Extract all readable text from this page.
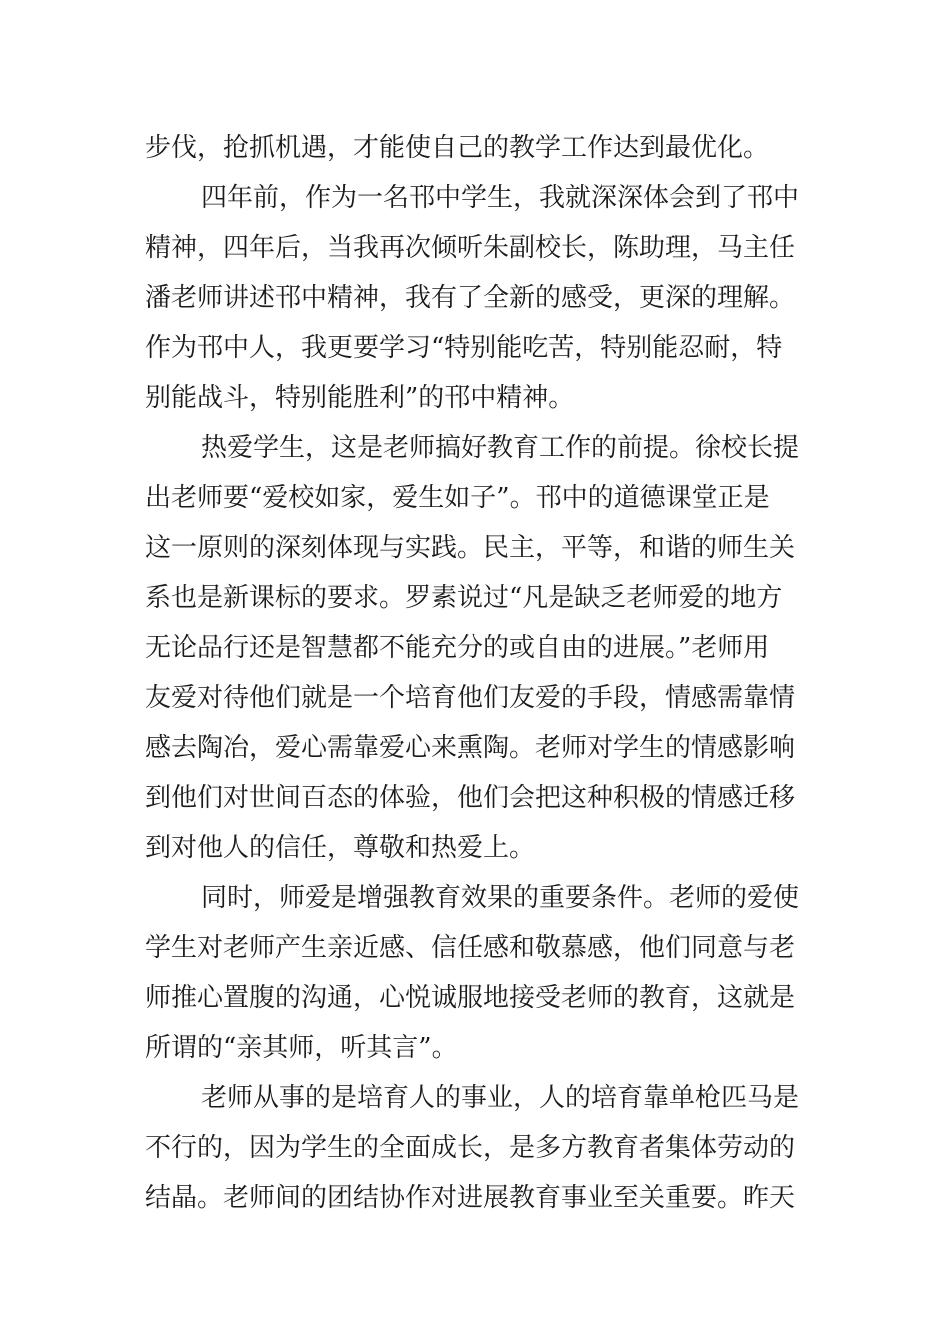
步伐，抢抓机遇，才能使自己的教学工作达到最优化。
四年前，作为一名邗中学生，我就深深体会到了邗中
精神，四年后，当我再次倾听朱副校长，陈助理，马主任
潘老师讲述邗中精神，我有了全新的感受，更深的理解。
作为邗中人，我更要学习“特别能吃苦，特别能忍耐，特
别能战斗，特别能胜利”的邗中精神。
热爱学生，这是老师搞好教育工作的前提。徐校长提
出老师要“爱校如家，爱生如子”。邗中的道德课堂正是
这一原则的深刻体现与实践。民主，平等，和谐的师生关
系也是新课标的要求。罗素说过“凡是缺乏老师爱的地方
无论品行还是智慧都不能充分的或自由的进展。”老师用
友爱对待他们就是一个培育他们友爱的手段，情感需靠情
感去陶冶，爱心需靠爱心来熏陶。老师对学生的情感影响
到他们对世间百态的体验，他们会把这种积极的情感迁移
到对他人的信任，尊敬和热爱上。
同时，师爱是增强教育效果的重要条件。老师的爱使
学生对老师产生亲近感、信任感和敬慕感，他们同意与老
师推心置腹的沟通，心悦诚服地接受老师的教育，这就是
所谓的“亲其师，听其言”。
老师从事的是培育人的事业，人的培育靠单枪匹马是
不行的，因为学生的全面成长，是多方教育者集体劳动的
结晶。老师间的团结协作对进展教育事业至关重要。昨天
